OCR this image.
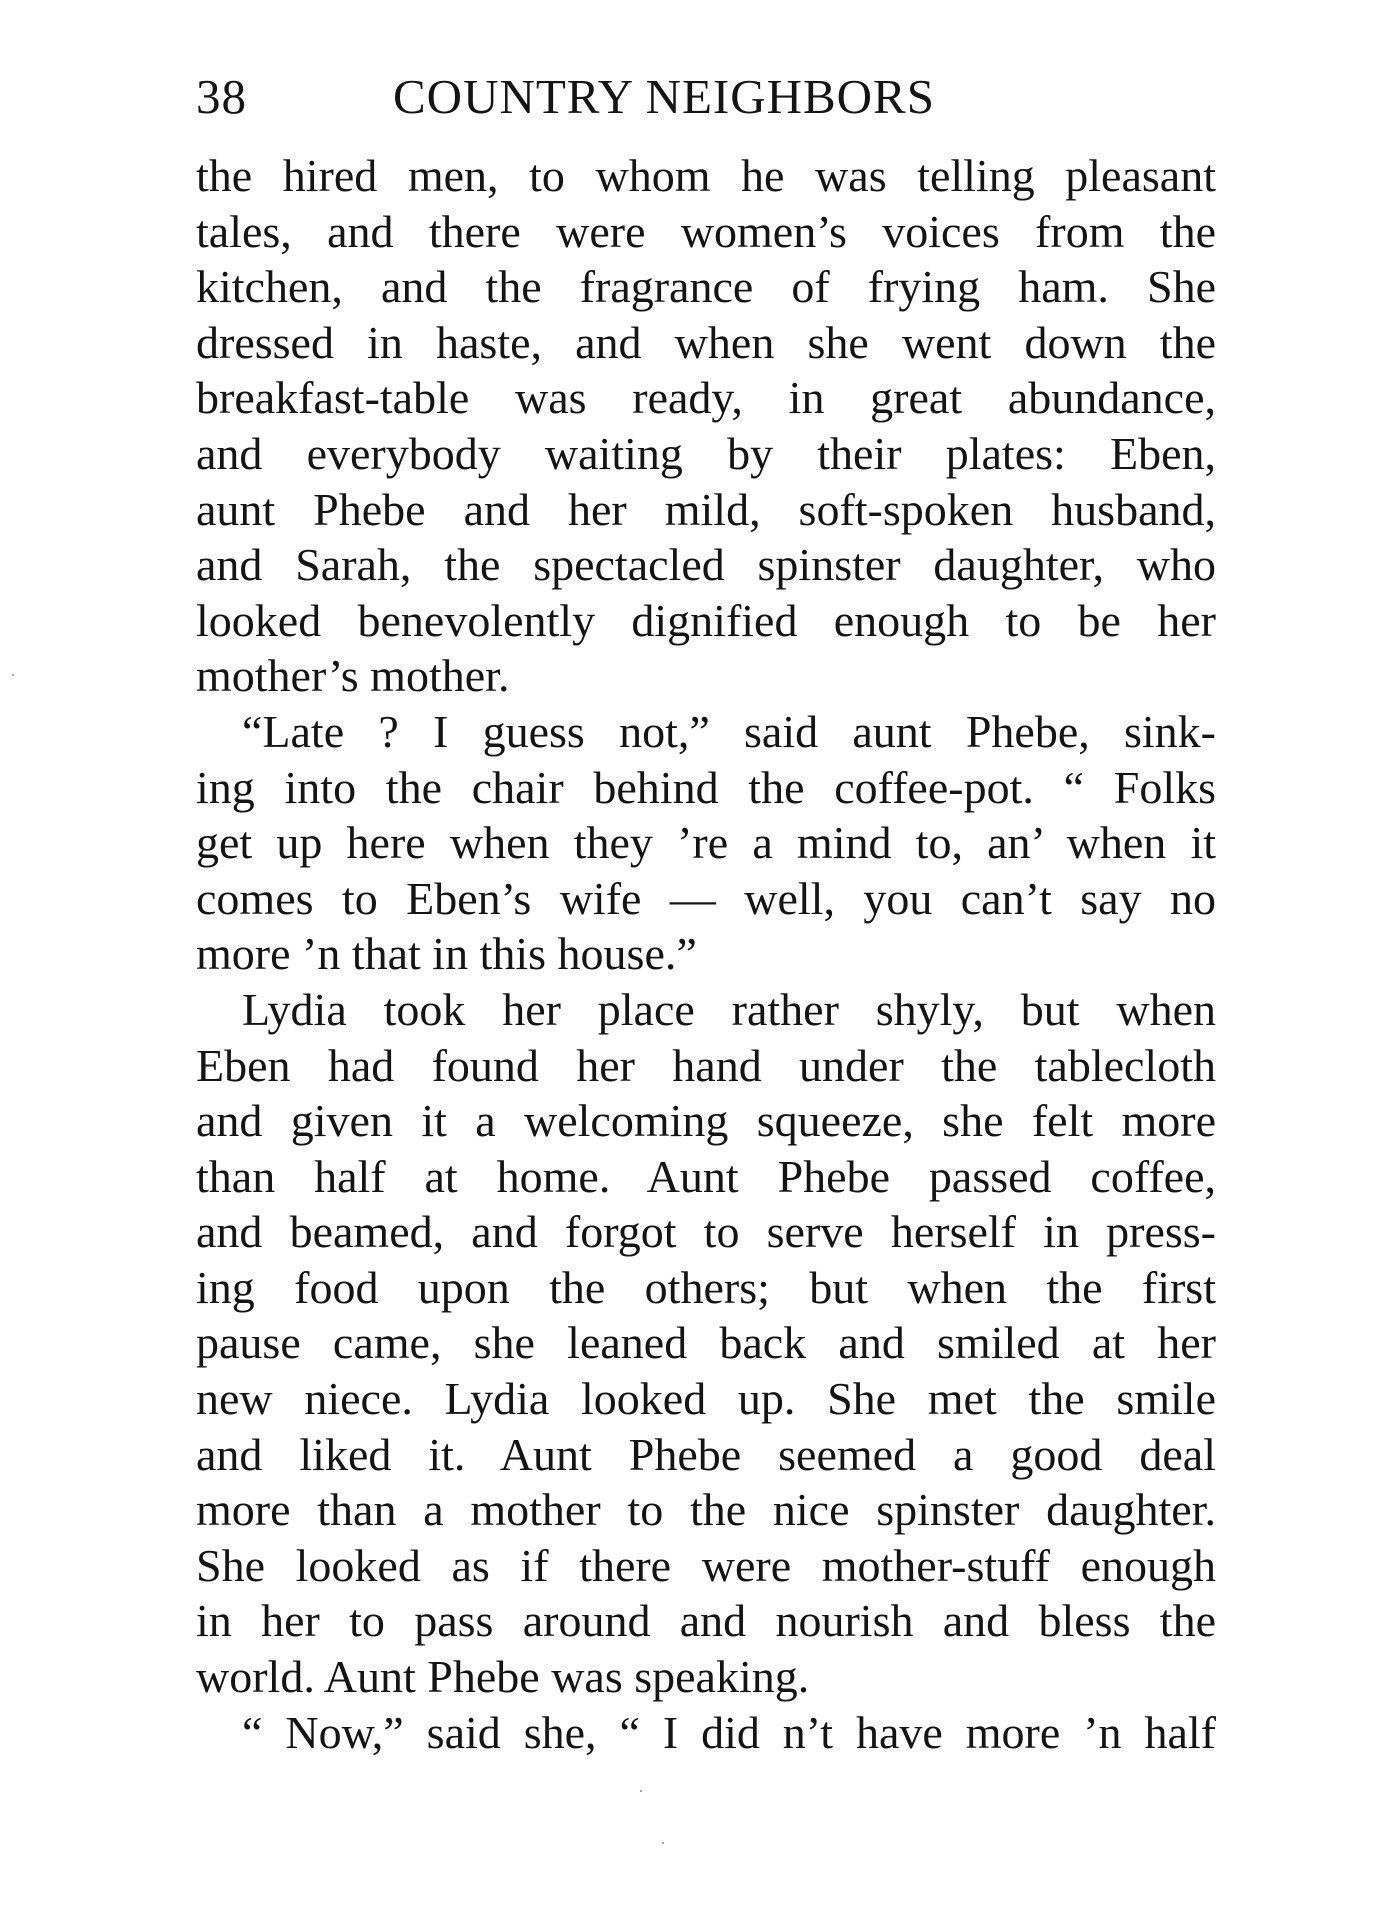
38	COUNTRY NEIGHBORS
the hired men, to whom he was telling pleasant
tales, and there were women’s voices from the
kitchen, and the fragrance of frying ham. She
dressed in haste, and when she went down the
breakfast-table was ready, in great abundance,
and everybody waiting by their plates: Eben,
aunt Phebe and her mild, soft-spoken husband,
and Sarah, the spectacled spinster daughter, who
looked benevolently dignified enough to be her
mother’s mother.
“Late ? I guess not,” said aunt Phebe, sink-
ing into the chair behind the coffee-pot. “ Folks
get up here when they ’re a mind to, an’ when it
comes to Eben’s wife — well, you can’t say no
more ’n that in this house.”
Lydia took her place rather shyly, but when
Eben had found her hand under the tablecloth
and given it a welcoming squeeze, she felt more
than half at home. Aunt Phebe passed coffee,
and beamed, and forgot to serve herself in press-
ing food upon the others; but when the first
pause came, she leaned back and smiled at her
new niece. Lydia looked up. She met the smile
and liked it. Aunt Phebe seemed a good deal
more than a mother to the nice spinster daughter.
She looked as if there were mother-stuff enough
in her to pass around and nourish and bless the
world. Aunt Phebe was speaking.
“ Now,” said she, “ I did n’t have more ’n half
